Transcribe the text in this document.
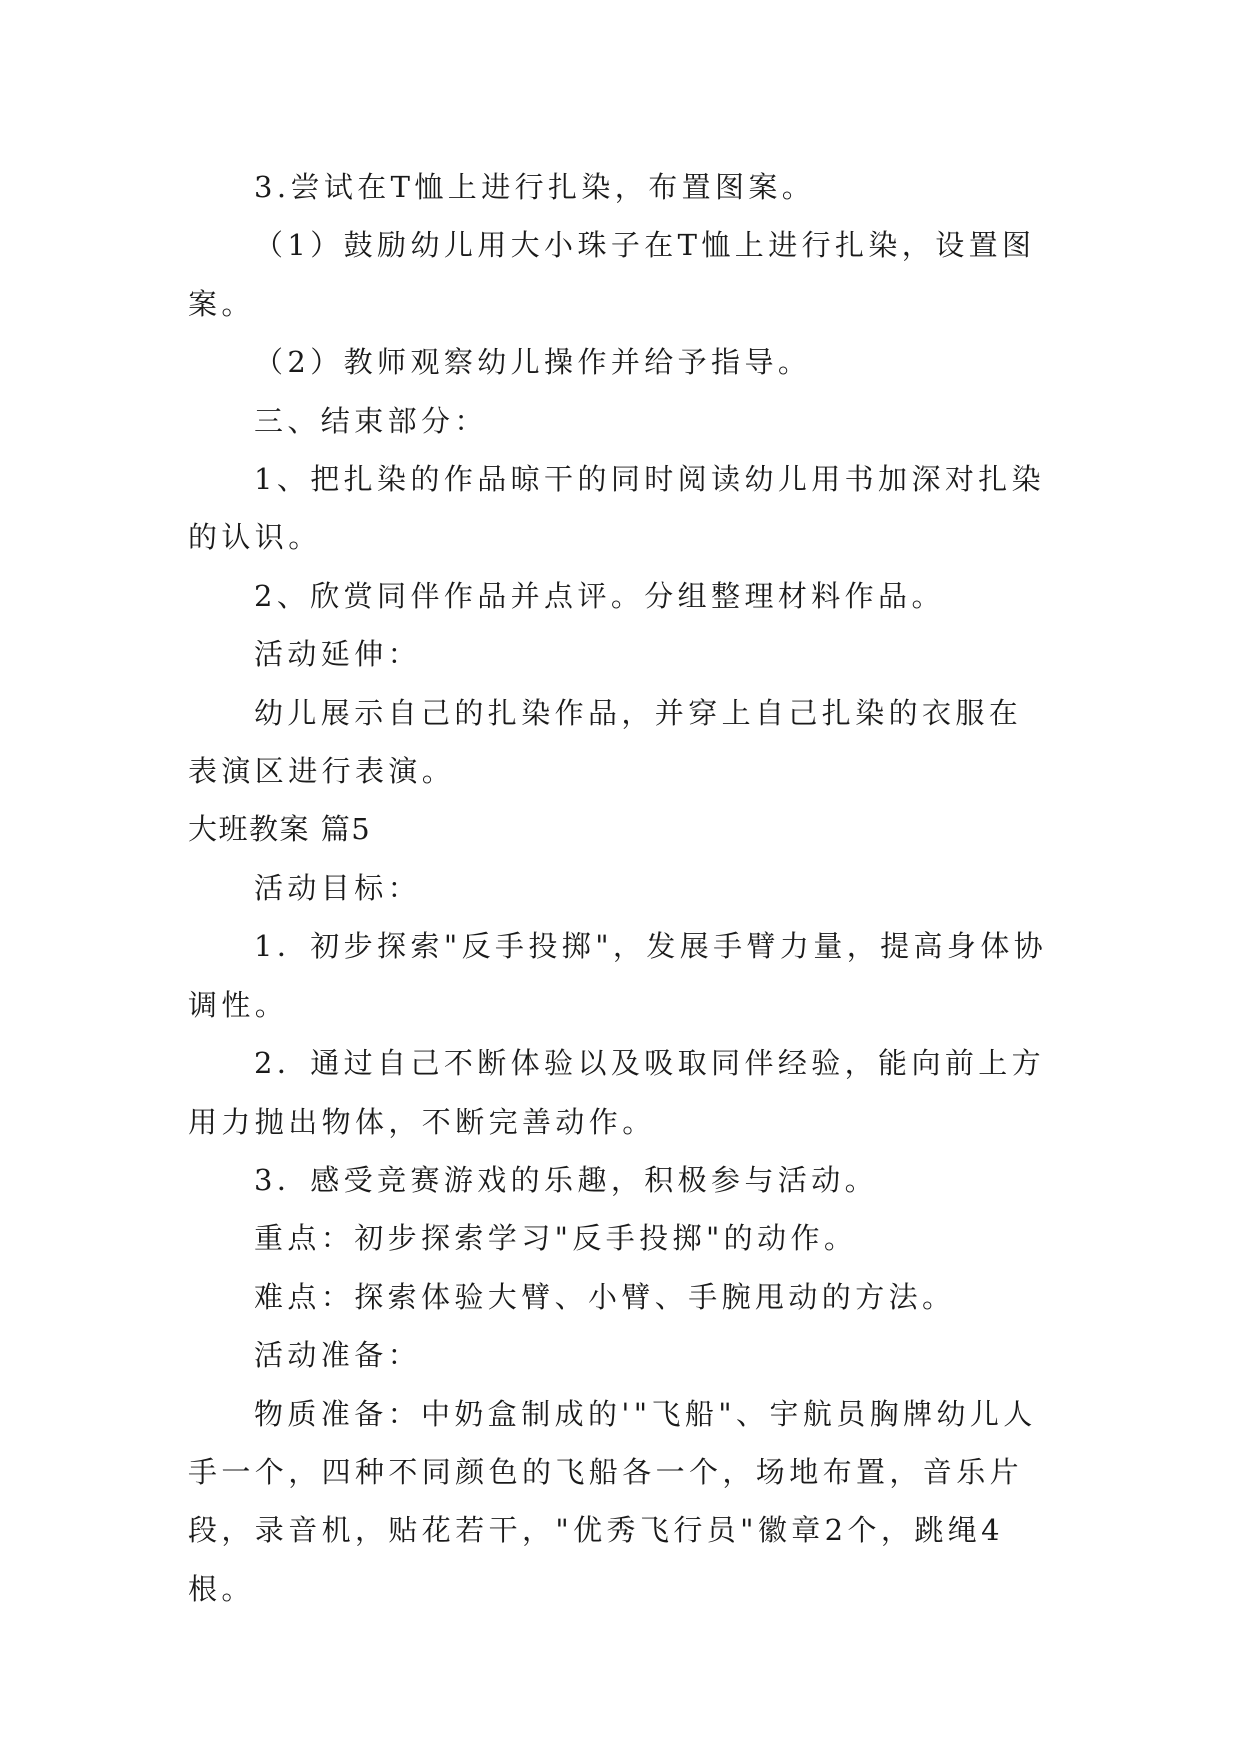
3.尝试在T恤上进行扎染，布置图案。

（1）鼓励幼儿用大小珠子在T恤上进行扎染，设置图案。

（2）教师观察幼儿操作并给予指导。

三、结束部分：

1、把扎染的作品晾干的同时阅读幼儿用书加深对扎染的认识。

2、欣赏同伴作品并点评。分组整理材料作品。

活动延伸：

幼儿展示自己的扎染作品，并穿上自己扎染的衣服在表演区进行表演。

大班教案 篇5

活动目标：

1．初步探索"反手投掷"，发展手臂力量，提高身体协调性。

2．通过自己不断体验以及吸取同伴经验，能向前上方用力抛出物体，不断完善动作。

3．感受竞赛游戏的乐趣，积极参与活动。

重点：初步探索学习"反手投掷"的动作。

难点：探索体验大臂、小臂、手腕甩动的方法。

活动准备：

物质准备：中奶盒制成的'"飞船"、宇航员胸牌幼儿人手一个，四种不同颜色的飞船各一个，场地布置，音乐片段，录音机，贴花若干，"优秀飞行员"徽章2个，跳绳4根。
